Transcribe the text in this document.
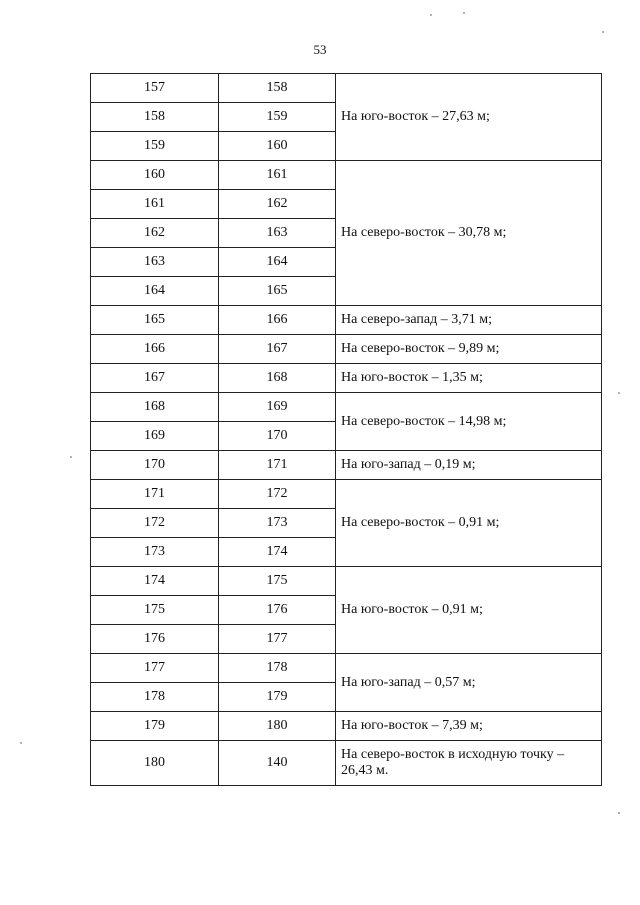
53
157	158	На юго-восток – 27,63 м;
158	159	
159	160	
160	161	На северо-восток – 30,78 м;
161	162	
162	163	
163	164	
164	165	
165	166	На северо-запад – 3,71 м;
166	167	На северо-восток – 9,89 м;
167	168	На юго-восток – 1,35 м;
168	169	На северо-восток – 14,98 м;
169	170	
170	171	На юго-запад – 0,19 м;
171	172	На северо-восток – 0,91 м;
172	173	
173	174	
174	175	На юго-восток – 0,91 м;
175	176	
176	177	
177	178	На юго-запад – 0,57 м;
178	179	
179	180	На юго-восток – 7,39 м;
180	140	На северо-восток в исходную точку – 26,43 м.
